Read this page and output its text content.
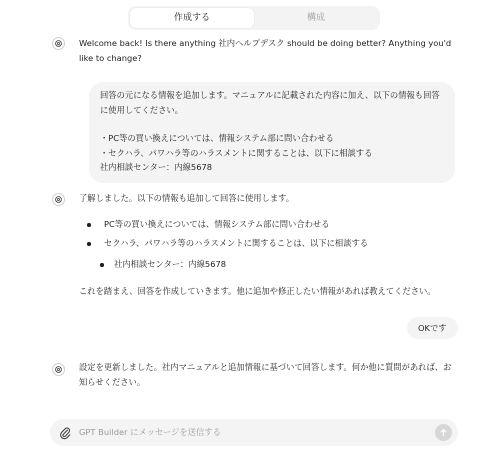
作成する	構成
Welcome back! Is there anything 社内ヘルプデスク should be doing better? Anything you'd like to change?
回答の元になる情報を追加します。マニュアルに記載された内容に加え、以下の情報も回答に使用してください。
・PC等の買い換えについては、情報システム部に問い合わせる
・セクハラ、パワハラ等のハラスメントに関することは、以下に相談する
社内相談センター：内線5678
了解しました。以下の情報も追加して回答に使用します。
PC等の買い換えについては、情報システム部に問い合わせる
セクハラ、パワハラ等のハラスメントに関することは、以下に相談する
社内相談センター：内線5678
これを踏まえ、回答を作成していきます。他に追加や修正したい情報があれば教えてください。
OKです
設定を更新しました。社内マニュアルと追加情報に基づいて回答します。何か他に質問があれば、お知らせください。
GPT Builder にメッセージを送信する
